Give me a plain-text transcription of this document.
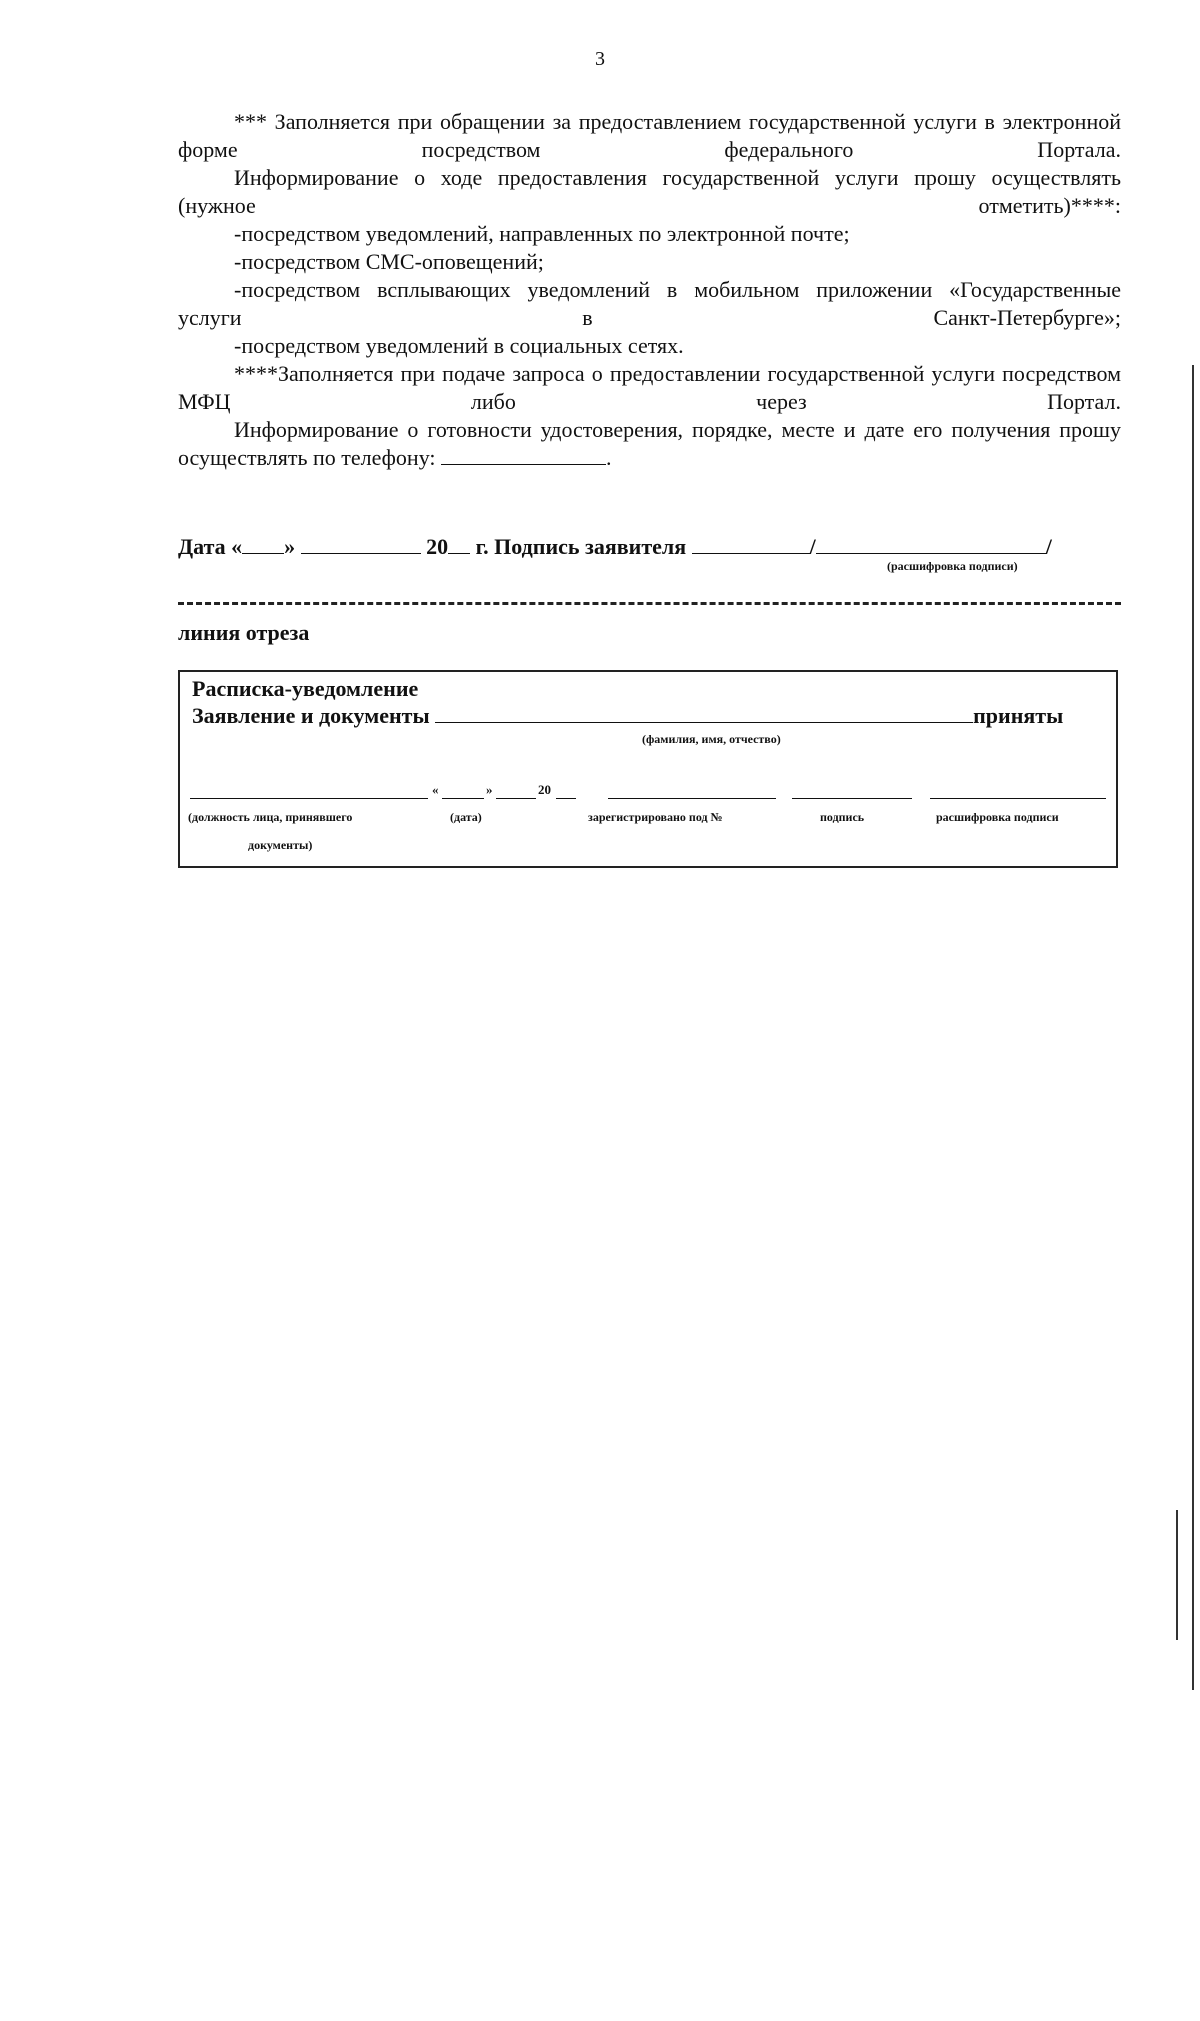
3

*** Заполняется при обращении за предоставлением государственной услуги в электронной форме посредством федерального Портала.

Информирование о ходе предоставления государственной услуги прошу осуществлять (нужное отметить)****:

-посредством уведомлений, направленных по электронной почте;

-посредством СМС-оповещений;

-посредством всплывающих уведомлений в мобильном приложении «Государственные услуги в Санкт-Петербурге»;

-посредством уведомлений в социальных сетях.

****Заполняется при подаче запроса о предоставлении государственной услуги посредством МФЦ либо через Портал.

Информирование о готовности удостоверения, порядке, месте и дате его получения прошу осуществлять по телефону:	.

Дата « »	20 г. Подпись заявителя	/	/
(расшифровка подписи)
линия отреза
Расписка-уведомление
Заявление и документы	приняты
(фамилия, имя, отчество)
«	»	20
(должность лица, принявшего
документы)
(дата)	зарегистрировано под №	подпись	расшифровка подписи
